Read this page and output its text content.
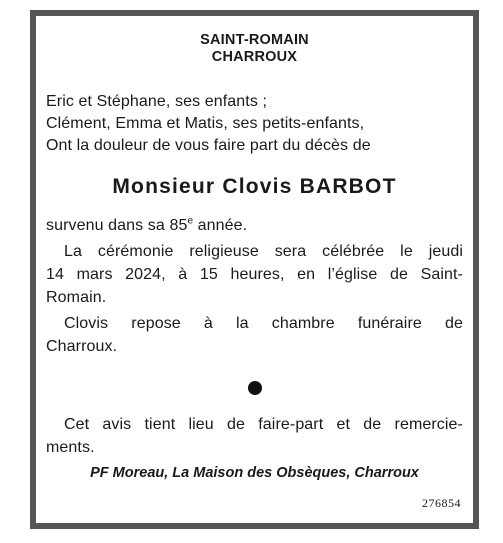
SAINT-ROMAIN
CHARROUX
Eric et Stéphane, ses enfants ;
Clément, Emma et Matis, ses petits-enfants,
Ont la douleur de vous faire part du décès de
Monsieur Clovis BARBOT
survenu dans sa 85e année.
La cérémonie religieuse sera célébrée le jeudi
14 mars 2024, à 15 heures, en l’église de Saint-
Romain.
Clovis repose à la chambre funéraire de
Charroux.
Cet avis tient lieu de faire-part et de remercie-
ments.
PF Moreau, La Maison des Obsèques, Charroux
276854
